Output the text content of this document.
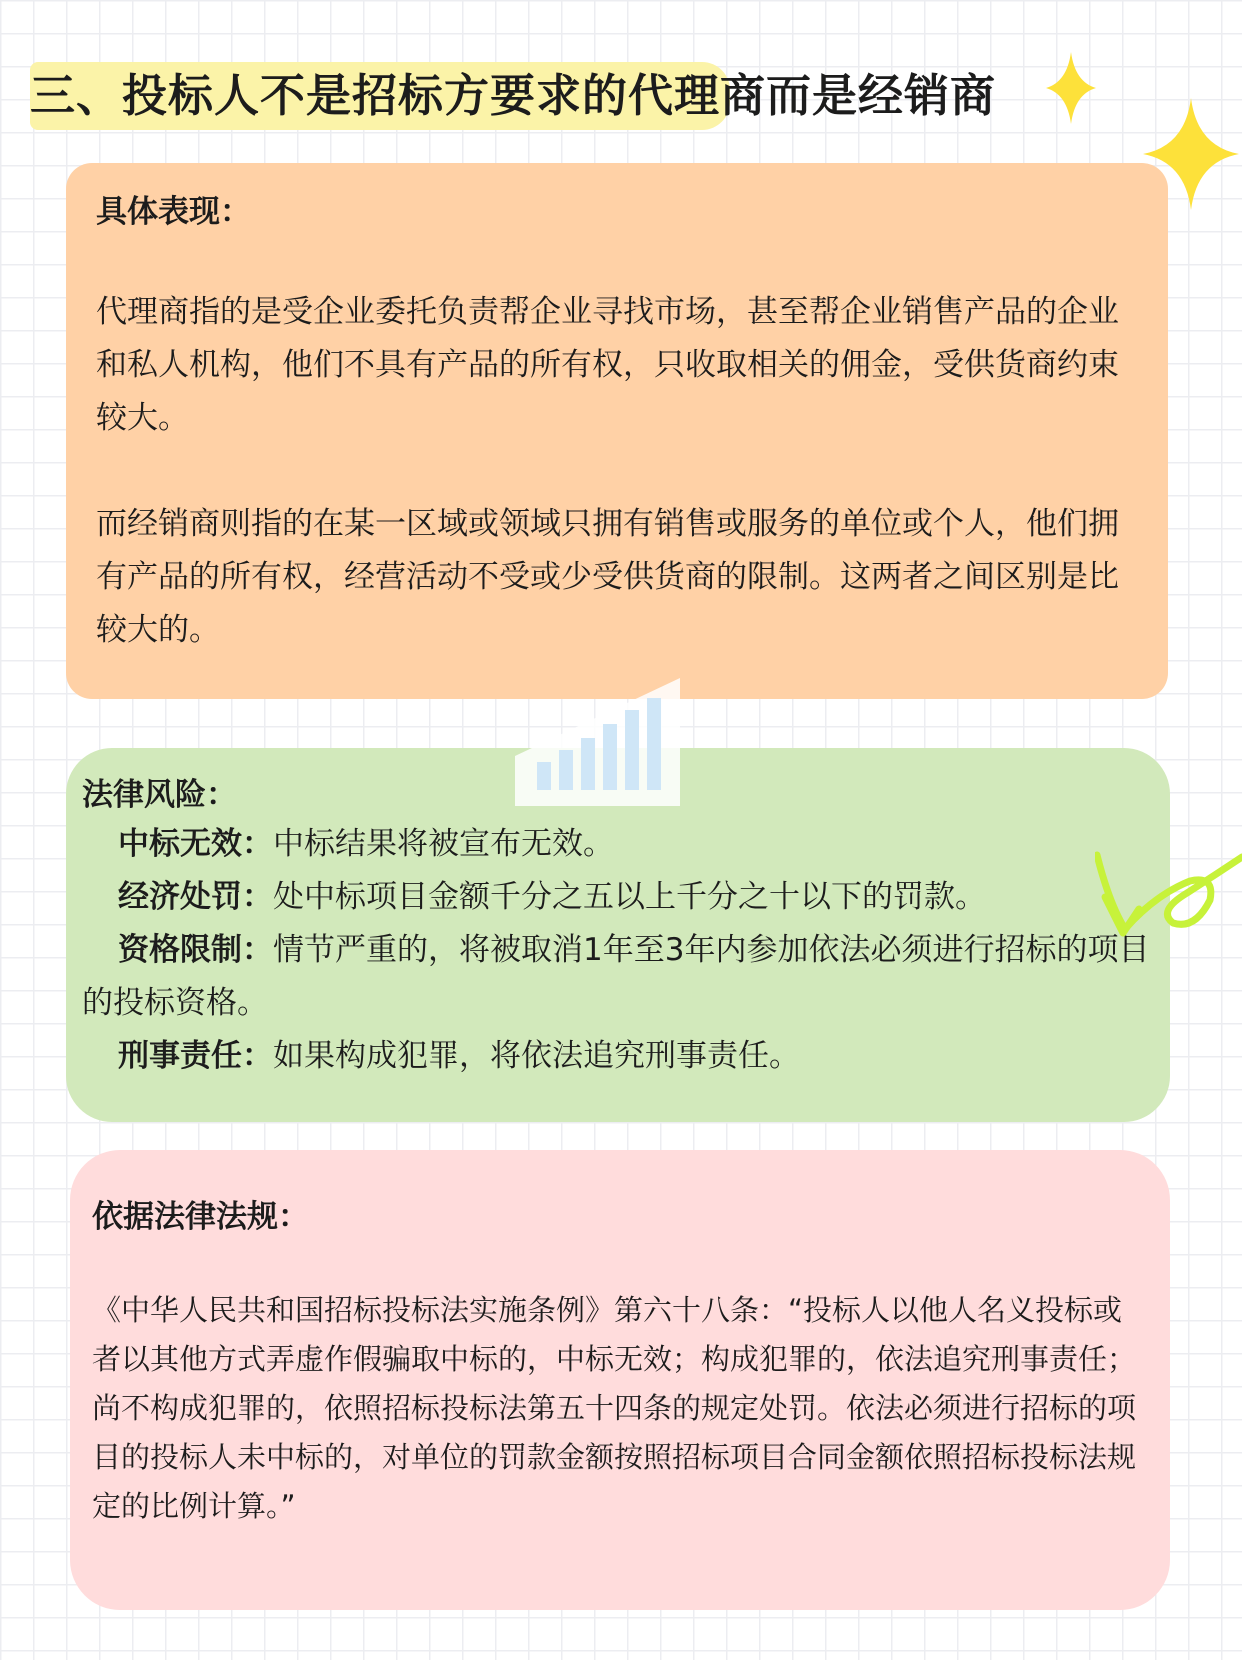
三、投标人不是招标方要求的代理商而是经销商

具体表现：

代理商指的是受企业委托负责帮企业寻找市场，甚至帮企业销售产品的企业和私人机构，他们不具有产品的所有权，只收取相关的佣金，受供货商约束较大。

而经销商则指的在某一区域或领域只拥有销售或服务的单位或个人，他们拥有产品的所有权，经营活动不受或少受供货商的限制。这两者之间区别是比较大的。

法律风险：

中标无效：中标结果将被宣布无效。

经济处罚：处中标项目金额千分之五以上千分之十以下的罚款。

资格限制：情节严重的，将被取消1年至3年内参加依法必须进行招标的项目的投标资格。

刑事责任：如果构成犯罪，将依法追究刑事责任。

依据法律法规：

《中华人民共和国招标投标法实施条例》第六十八条：“投标人以他人名义投标或者以其他方式弄虚作假骗取中标的，中标无效；构成犯罪的，依法追究刑事责任；尚不构成犯罪的，依照招标投标法第五十四条的规定处罚。依法必须进行招标的项目的投标人未中标的，对单位的罚款金额按照招标项目合同金额依照招标投标法规定的比例计算。”
